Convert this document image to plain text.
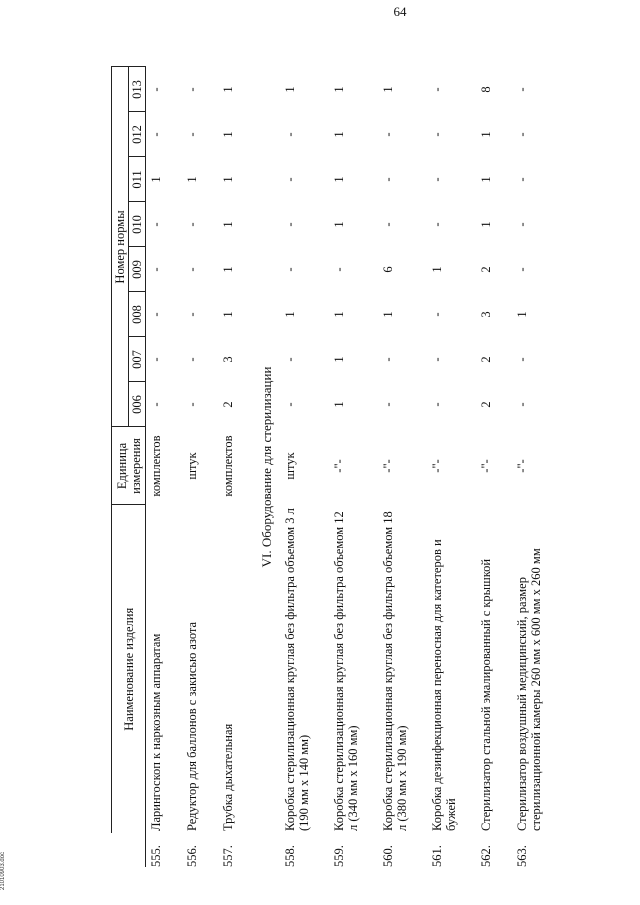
64
	Наименование изделия	Единица измерения	Номер нормы							
			006	007	008	009	010	011	012	013
555.	Ларингоскоп к наркозным аппаратам	комплектов	-	-	-	-	-	1	-	-
556.	Редуктор для баллонов с закисью азота	штук	-	-	-	-	-	1	-	-
557.	Трубка дыхательная	комплектов	2	3	1	1	1	1	1	1
VI. Оборудование для стерилизации										
558.	Коробка стерилизационная круглая без фильтра объемом 3 л (190 мм x 140 мм)	штук	-	-	1	-	-	-	-	1
559.	Коробка стерилизационная круглая без фильтра объемом 12 л (340 мм x 160 мм)	-"-	1	1	1	-	1	1	1	1
560.	Коробка стерилизационная круглая без фильтра объемом 18 л (380 мм x 190 мм)	-"-	-	-	1	6	-	-	-	1
561.	Коробка дезинфекционная переносная для катетеров и бужей	-"-	-	-	-	1	-	-	-	-
562.	Стерилизатор стальной эмалированный с крышкой	-"-	2	2	3	2	1	1	1	8
563.	Стерилизатор воздушный медицинский, размер стерилизационной камеры 260 мм x 600 мм x 260 мм	-"-	-	-	1	-	-	-	-	-
21010903.doc
